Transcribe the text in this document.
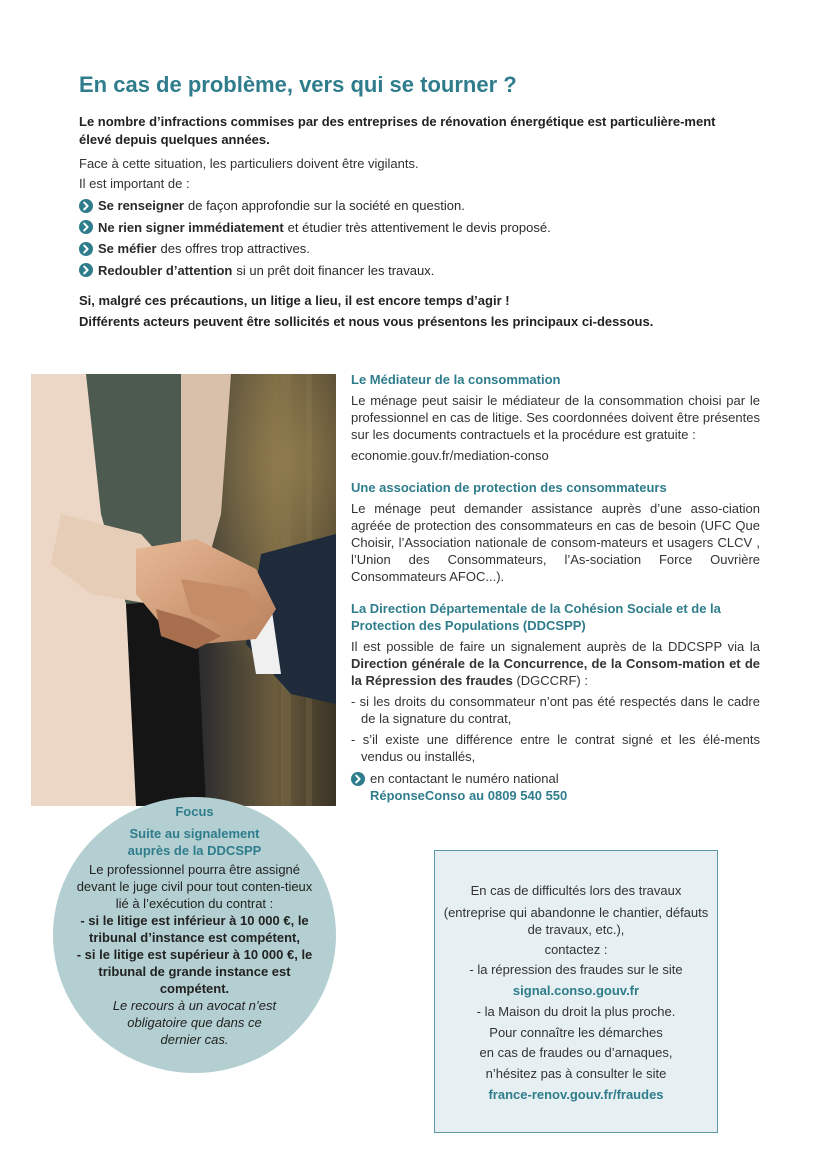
En cas de problème, vers qui se tourner ?
Le nombre d’infractions commises par des entreprises de rénovation énergétique est particulière-ment élevé depuis quelques années.
Face à cette situation, les particuliers doivent être vigilants.
Il est important de :
Se renseigner de façon approfondie sur la société en question.
Ne rien signer immédiatement et étudier très attentivement le devis proposé.
Se méfier des offres trop attractives.
Redoubler d’attention si un prêt doit financer les travaux.
Si, malgré ces précautions, un litige a lieu, il est encore temps d’agir !
Différents acteurs peuvent être sollicités et nous vous présentons les principaux ci-dessous.
Le Médiateur de la consommation

Le ménage peut saisir le médiateur de la consommation choisi par le professionnel en cas de litige. Ses coordonnées doivent être présentes sur les documents contractuels et la procédure est gratuite :

economie.gouv.fr/mediation-conso

Une association de protection des consommateurs

Le ménage peut demander assistance auprès d’une asso-ciation agréée de protection des consommateurs en cas de besoin (UFC Que Choisir, l’Association nationale de consom-mateurs et usagers CLCV , l’Union des Consommateurs, l’As-sociation Force Ouvrière Consommateurs AFOC...).

La Direction Départementale de la Cohésion Sociale et de la Protection des Populations (DDCSPP)

Il est possible de faire un signalement auprès de la DDCSPP via la Direction générale de la Concurrence, de la Consom-mation et de la Répression des fraudes (DGCCRF) :

- si les droits du consommateur n’ont pas été respectés dans le cadre de la signature du contrat,

- s’il existe une différence entre le contrat signé et les élé-ments vendus ou installés,

en contactant le numéro national
RéponseConso au 0809 540 550
Focus
Suite au signalement auprès de la DDCSPP
Le professionnel pourra être assigné devant le juge civil pour tout conten-tieux lié à l’exécution du contrat :
- si le litige est inférieur à 10 000 €, le tribunal d’instance est compétent,
- si le litige est supérieur à 10 000 €, le tribunal de grande instance est compétent.
Le recours à un avocat n’est obligatoire que dans ce dernier cas.
En cas de difficultés lors des travaux
(entreprise qui abandonne le chantier, défauts de travaux, etc.),
contactez :
- la répression des fraudes sur le site
signal.conso.gouv.fr
- la Maison du droit la plus proche.
Pour connaître les démarches
en cas de fraudes ou d’arnaques,
n’hésitez pas à consulter le site
france-renov.gouv.fr/fraudes
